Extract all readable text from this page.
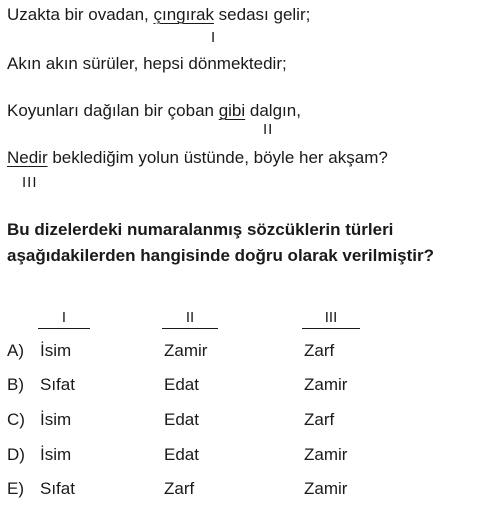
Uzakta bir ovadan, çıngırak sedası gelir;
I
Akın akın sürüler, hepsi dönmektedir;
Koyunları dağılan bir çoban gibi dalgın,
II
Nedir beklediğim yolun üstünde, böyle her akşam?
III
Bu dizelerdeki numaralanmış sözcüklerin türleri aşağıdakilerden hangisinde doğru olarak verilmiştir?
I	II	III
A) İsim	Zamir	Zarf
B) Sıfat	Edat	Zamir
C) İsim	Edat	Zarf
D) İsim	Edat	Zamir
E) Sıfat	Zarf	Zamir
